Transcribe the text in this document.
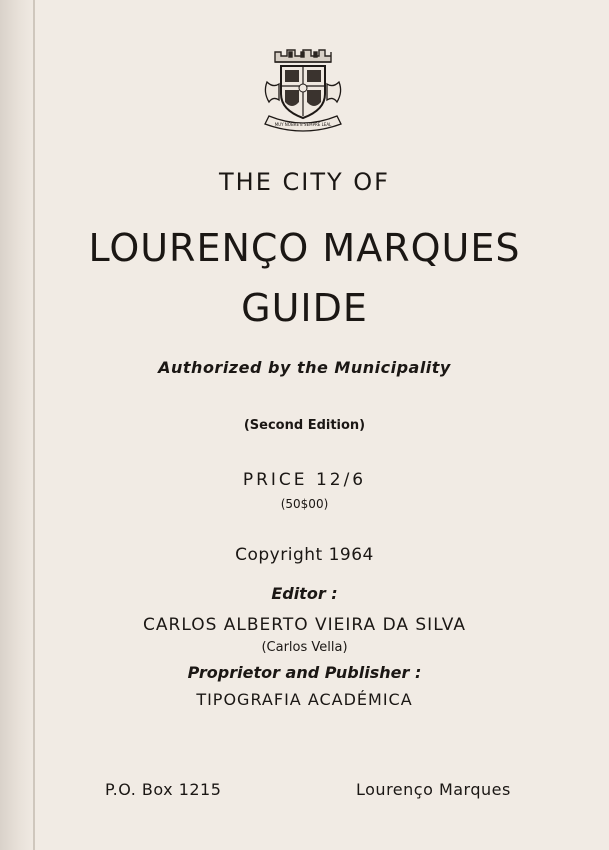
MUY NOBRE E SEMPRE LEAL
THE CITY OF
LOURENÇO MARQUES
GUIDE
Authorized by the Municipality
(Second Edition)
PRICE 12/6
(50$00)
Copyright 1964
Editor :
CARLOS ALBERTO VIEIRA DA SILVA
(Carlos Vella)
Proprietor and Publisher :
TIPOGRAFIA ACADÉMICA
P.O. Box 1215	Lourenço Marques
